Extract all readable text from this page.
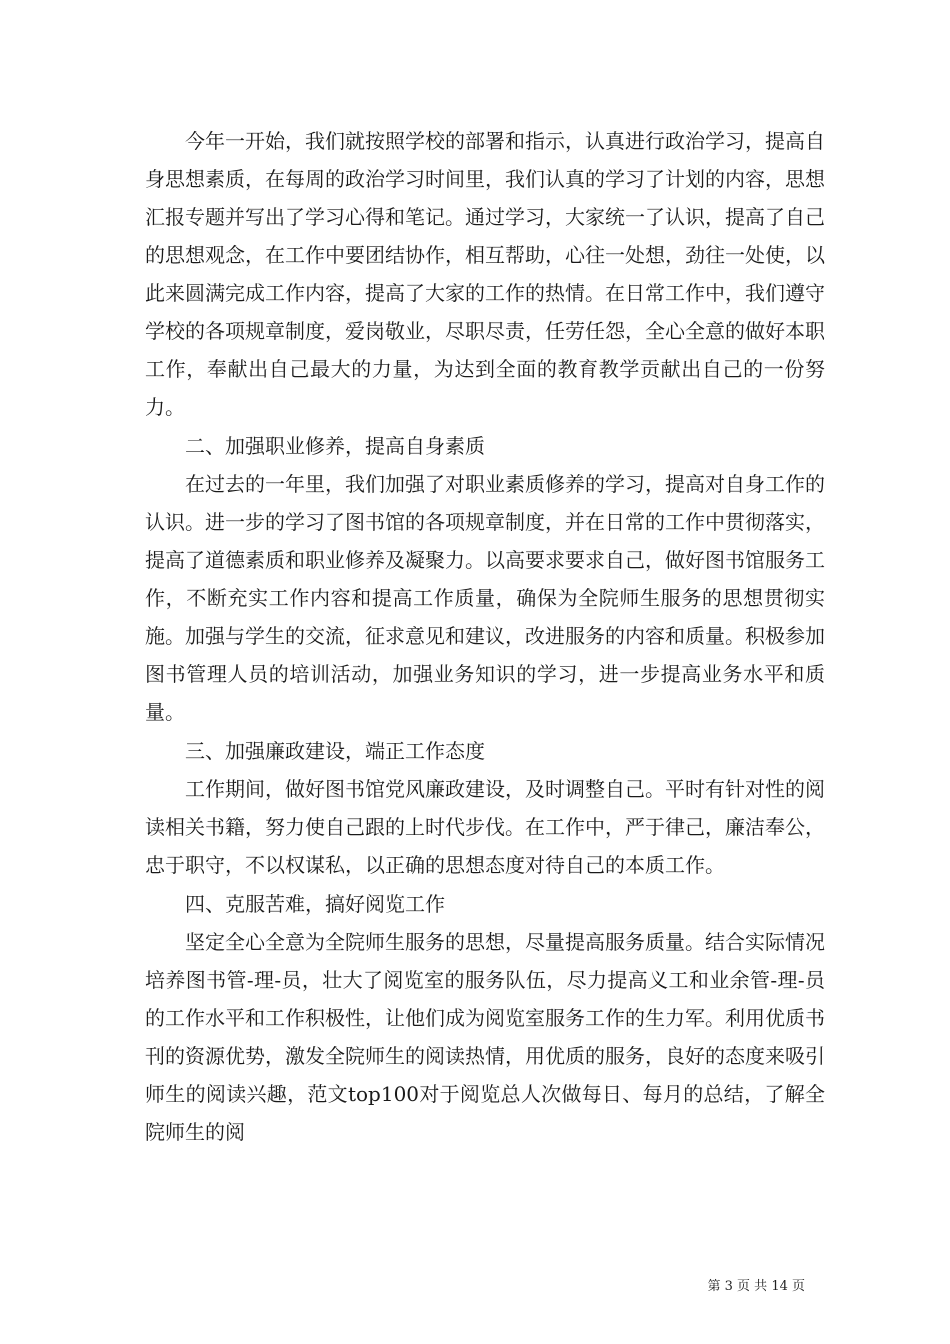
今年一开始，我们就按照学校的部署和指示，认真进行政治学习，提高自身思想素质，在每周的政治学习时间里，我们认真的学习了计划的内容，思想汇报专题并写出了学习心得和笔记。通过学习，大家统一了认识，提高了自己的思想观念，在工作中要团结协作，相互帮助，心往一处想，劲往一处使，以此来圆满完成工作内容，提高了大家的工作的热情。在日常工作中，我们遵守学校的各项规章制度，爱岗敬业，尽职尽责，任劳任怨，全心全意的做好本职工作，奉献出自己最大的力量，为达到全面的教育教学贡献出自己的一份努力。

二、加强职业修养，提高自身素质

在过去的一年里，我们加强了对职业素质修养的学习，提高对自身工作的认识。进一步的学习了图书馆的各项规章制度，并在日常的工作中贯彻落实，提高了道德素质和职业修养及凝聚力。以高要求要求自己，做好图书馆服务工作，不断充实工作内容和提高工作质量，确保为全院师生服务的思想贯彻实施。加强与学生的交流，征求意见和建议，改进服务的内容和质量。积极参加图书管理人员的培训活动，加强业务知识的学习，进一步提高业务水平和质量。

三、加强廉政建设，端正工作态度

工作期间，做好图书馆党风廉政建设，及时调整自己。平时有针对性的阅读相关书籍，努力使自己跟的上时代步伐。在工作中，严于律己，廉洁奉公，忠于职守，不以权谋私，以正确的思想态度对待自己的本质工作。

四、克服苦难，搞好阅览工作

坚定全心全意为全院师生服务的思想，尽量提高服务质量。结合实际情况培养图书管-理-员，壮大了阅览室的服务队伍，尽力提高义工和业余管-理-员的工作水平和工作积极性，让他们成为阅览室服务工作的生力军。利用优质书刊的资源优势，激发全院师生的阅读热情，用优质的服务，良好的态度来吸引师生的阅读兴趣，范文top100对于阅览总人次做每日、每月的总结，了解全院师生的阅

第 3 页 共 14 页
